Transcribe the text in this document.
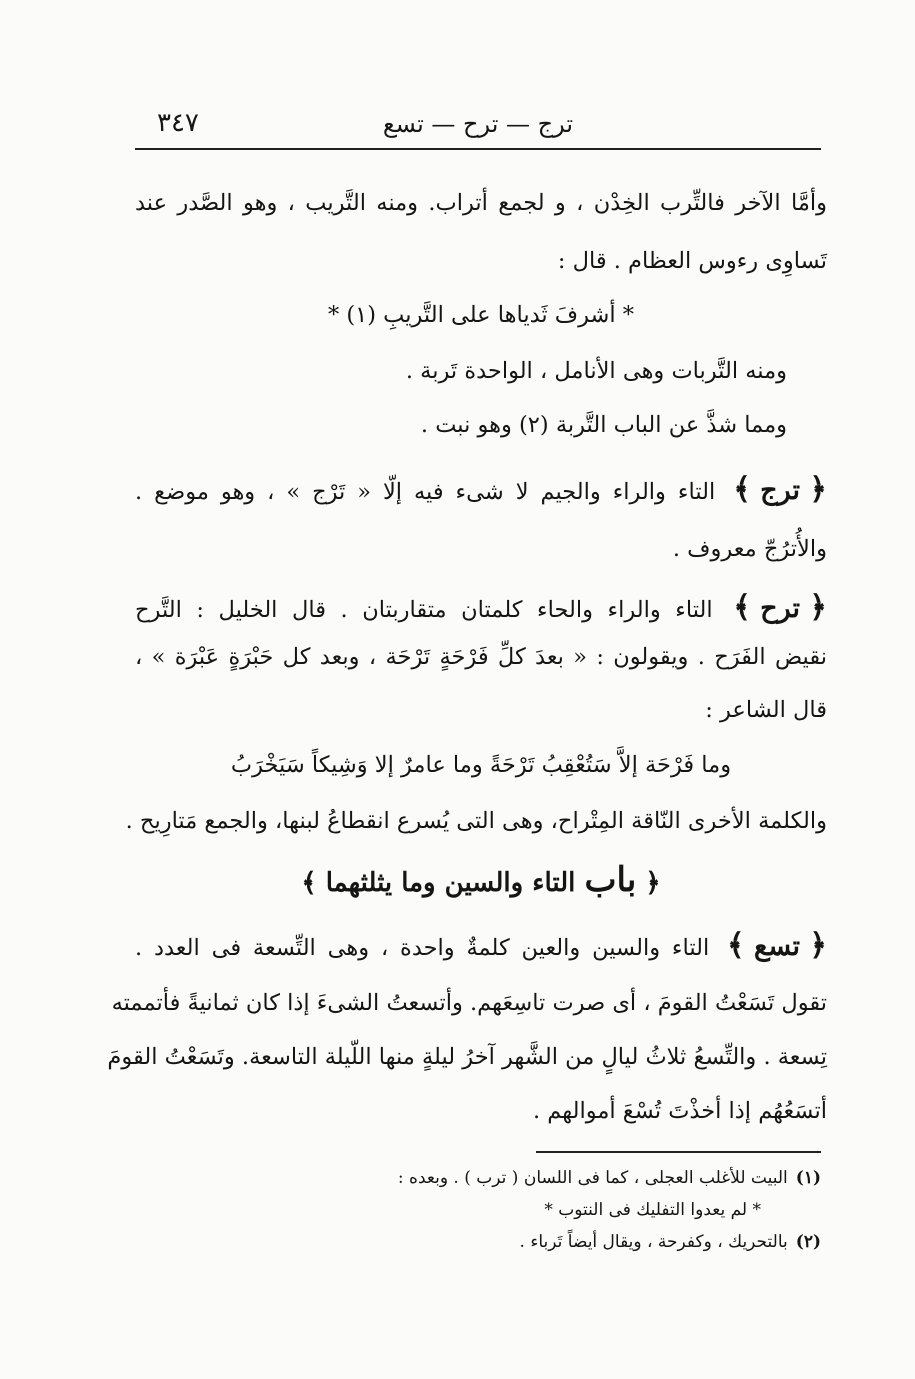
ترج — ترح — تسع
٣٤٧
وأمَّا الآخر فالتِّرب الخِدْن ، و لجمع أتراب. ومنه التَّريب ، وهو الصَّدر عند
تَساوِى رءوس العظام . قال :
* أشرفَ ثَدياها على التَّريبِ (١) *
ومنه التَّربات وهى الأنامل ، الواحدة تَربة .
ومما شذَّ عن الباب التَّربة (٢) وهو نبت .
﴿ ترج ﴾ التاء والراء والجيم لا شىء فيه إلّا « تَرْج » ، وهو موضع .
والأُترُجّ معروف .
﴿ ترح ﴾ التاء والراء والحاء كلمتان متقاربتان . قال الخليل : التَّرح
نقيض الفَرَح . ويقولون : « بعدَ كلِّ فَرْحَةٍ تَرْحَة ، وبعد كل حَبْرَةٍ عَبْرَة » ،
قال الشاعر :
وما فَرْحَة إلاَّ سَتُعْقِبُ تَرْحَةً وما عامرٌ إلا وَشِيكاً سَيَخْرَبُ
والكلمة الأخرى النّاقة المِتْراح، وهى التى يُسرع انقطاعُ لبنها، والجمع مَتارِيح .
﴿ باب التاء والسين وما يثلثهما ﴾
﴿ تسع ﴾ التاء والسين والعين كلمةٌ واحدة ، وهى التِّسعة فى العدد .
تقول تَسَعْتُ القومَ ، أى صرت تاسِعَهم. وأتسعتُ الشىءَ إذا كان ثمانيةً فأتممته
تِسعة . والتِّسعُ ثلاثُ ليالٍ من الشَّهر آخرُ ليلةٍ منها اللّيلة التاسعة. وتَسَعْتُ القومَ
أتسَعُهُم إذا أخذْتَ تُسْعَ أموالهم .
(١)البيت للأغلب العجلى ، كما فى اللسان ( ترب ) . وبعده :
* لم يعدوا التفليك فى النتوب *
(٢)بالتحريك ، وكفرحة ، ويقال أيضاً تَرباء .
